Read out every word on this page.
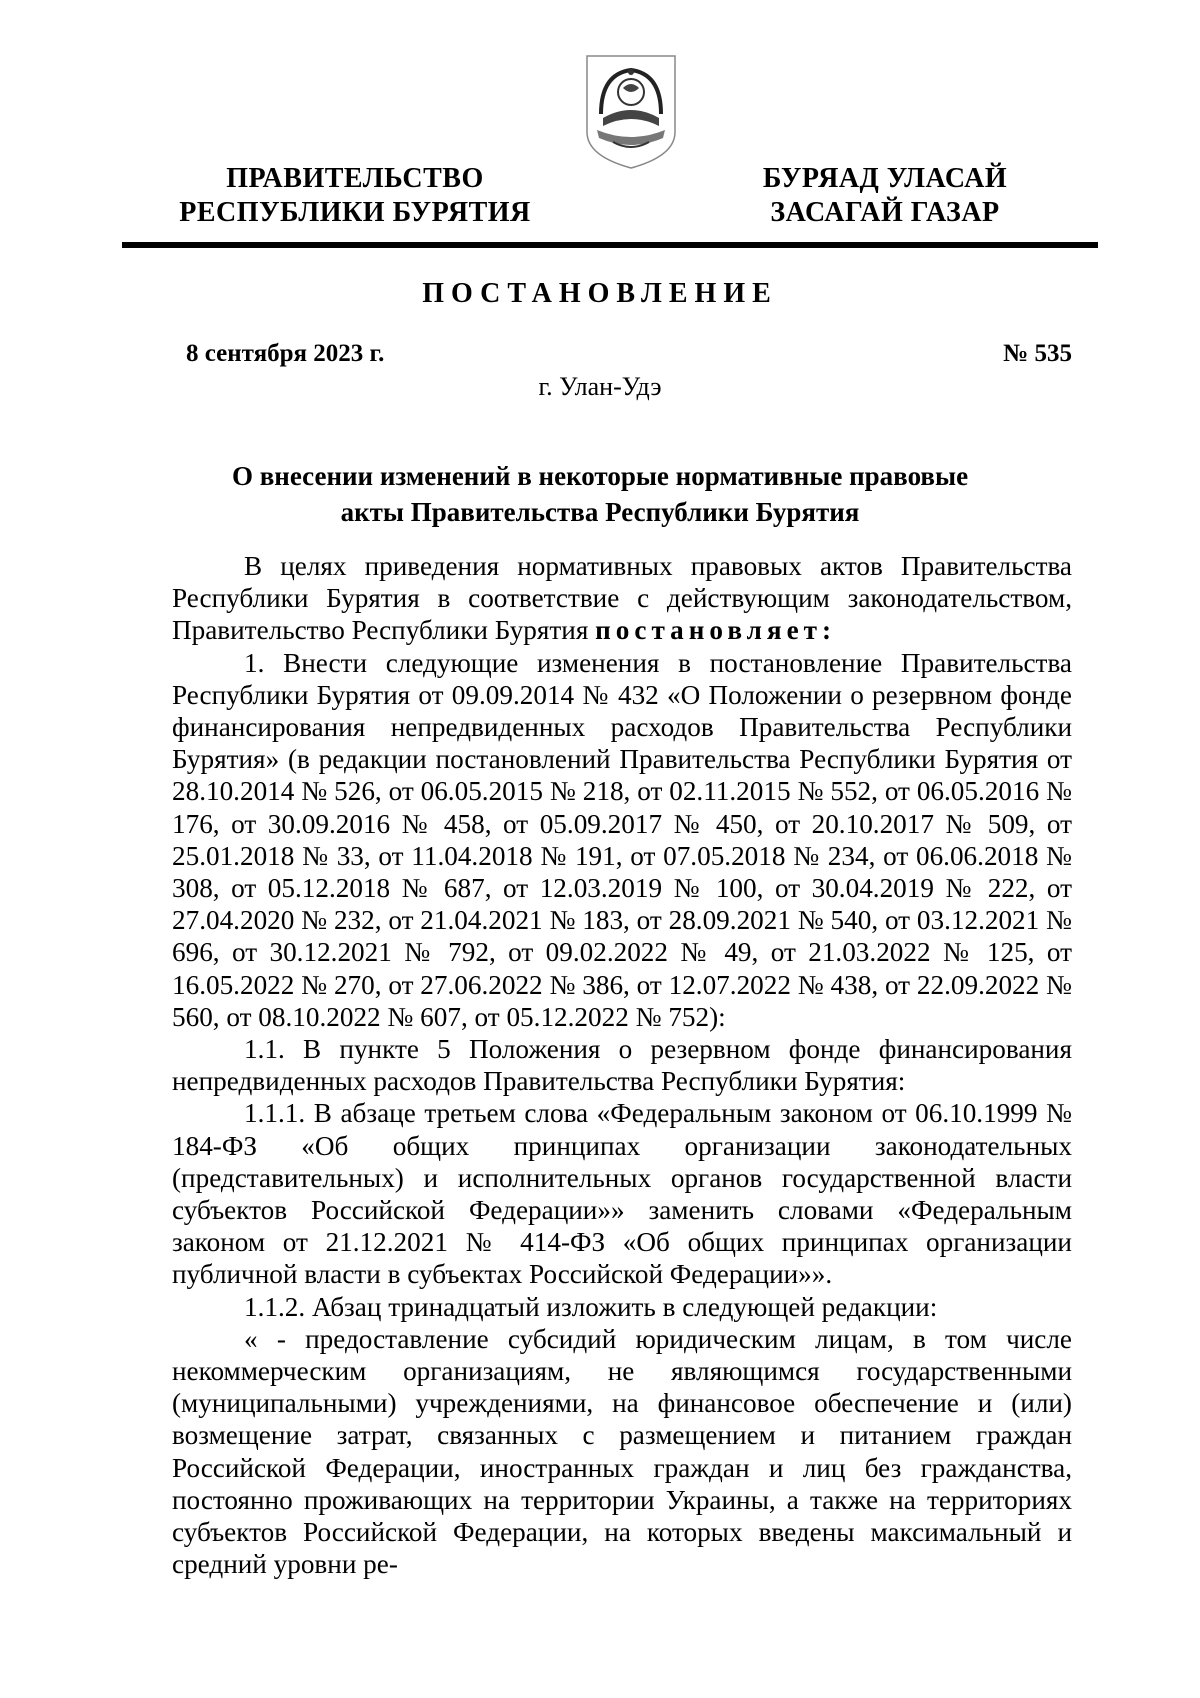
ПРАВИТЕЛЬСТВО
РЕСПУБЛИКИ БУРЯТИЯ
БУРЯАД УЛАСАЙ
ЗАСАГАЙ ГАЗАР
ПОСТАНОВЛЕНИЕ
8 сентября 2023 г.	№ 535
г. Улан-Удэ
О внесении изменений в некоторые нормативные правовые
акты Правительства Республики Бурятия

В целях приведения нормативных правовых актов Правительства Республики Бурятия в соответствие с действующим законодательством, Правительство Республики Бурятия постановляет:

1. Внести следующие изменения в постановление Правительства Республики Бурятия от 09.09.2014 № 432 «О Положении о резервном фонде финансирования непредвиденных расходов Правительства Республики Бурятия» (в редакции постановлений Правительства Республики Бурятия от 28.10.2014 № 526, от 06.05.2015 № 218, от 02.11.2015 № 552, от 06.05.2016 № 176, от 30.09.2016 № 458, от 05.09.2017 № 450, от 20.10.2017 № 509, от 25.01.2018 № 33, от 11.04.2018 № 191, от 07.05.2018 № 234, от 06.06.2018 № 308, от 05.12.2018 № 687, от 12.03.2019 № 100, от 30.04.2019 № 222, от 27.04.2020 № 232, от 21.04.2021 № 183, от 28.09.2021 № 540, от 03.12.2021 № 696, от 30.12.2021 № 792, от 09.02.2022 № 49, от 21.03.2022 № 125, от 16.05.2022 № 270, от 27.06.2022 № 386, от 12.07.2022 № 438, от 22.09.2022 № 560, от 08.10.2022 № 607, от 05.12.2022 № 752):

1.1. В пункте 5 Положения о резервном фонде финансирования непредвиденных расходов Правительства Республики Бурятия:

1.1.1. В абзаце третьем слова «Федеральным законом от 06.10.1999 № 184-ФЗ «Об общих принципах организации законодательных (представительных) и исполнительных органов государственной власти субъектов Российской Федерации»» заменить словами «Федеральным законом от 21.12.2021 № 414-ФЗ «Об общих принципах организации публичной власти в субъектах Российской Федерации»».

1.1.2. Абзац тринадцатый изложить в следующей редакции:

« - предоставление субсидий юридическим лицам, в том числе некоммерческим организациям, не являющимся государственными (муниципальными) учреждениями, на финансовое обеспечение и (или) возмещение затрат, связанных с размещением и питанием граждан Российской Федерации, иностранных граждан и лиц без гражданства, постоянно проживающих на территории Украины, а также на территориях субъектов Российской Федерации, на которых введены максимальный и средний уровни ре-
